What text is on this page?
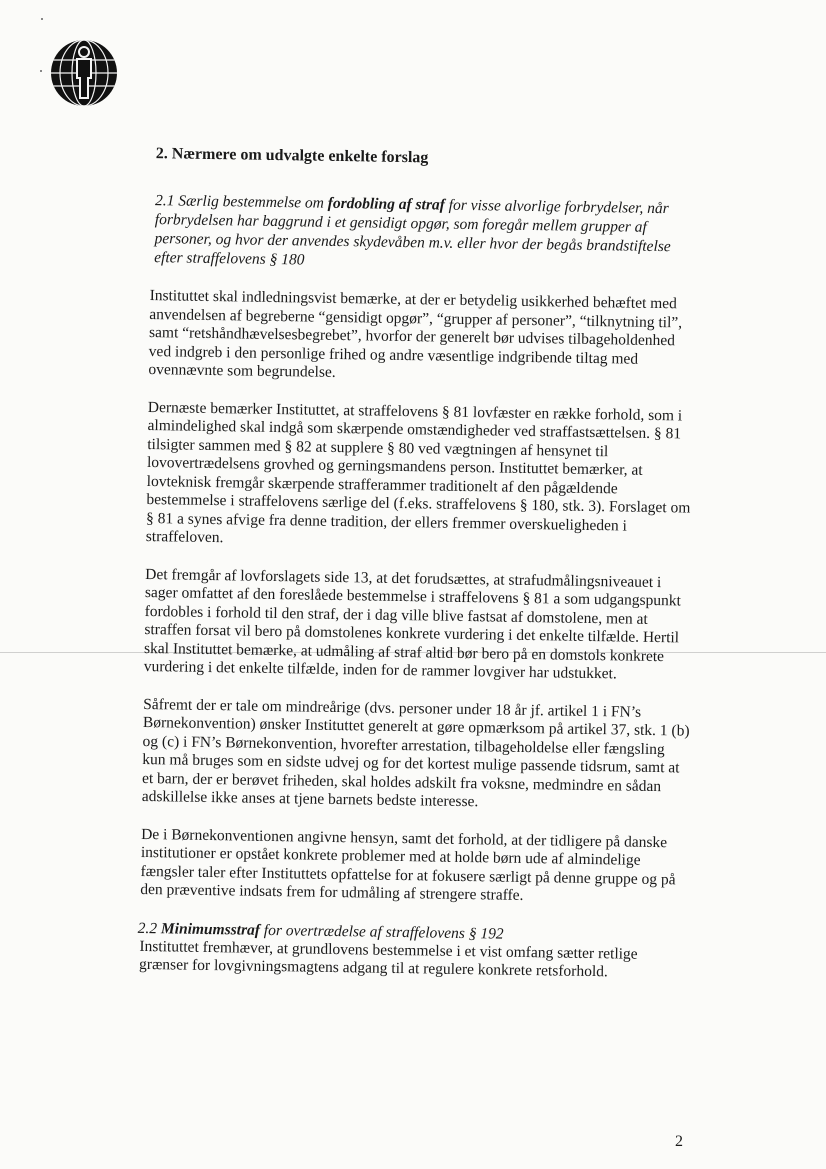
2. Nærmere om udvalgte enkelte forslag
2.1 Særlig bestemmelse om fordobling af straf for visse alvorlige forbrydelser, når forbrydelsen har baggrund i et gensidigt opgør, som foregår mellem grupper af personer, og hvor der anvendes skydevåben m.v. eller hvor der begås brandstiftelse efter straffelovens § 180

Instituttet skal indledningsvist bemærke, at der er betydelig usikkerhed behæftet med anvendelsen af begreberne “gensidigt opgør”, “grupper af personer”, “tilknytning til”, samt “retshåndhævelsesbegrebet”, hvorfor der generelt bør udvises tilbageholdenhed ved indgreb i den personlige frihed og andre væsentlige indgribende tiltag med ovennævnte som begrundelse.

Dernæste bemærker Instituttet, at straffelovens § 81 lovfæster en række forhold, som i almindelighed skal indgå som skærpende omstændigheder ved straffastsættelsen. § 81 tilsigter sammen med § 82 at supplere § 80 ved vægtningen af hensynet til lovovertrædelsens grovhed og gerningsmandens person. Instituttet bemærker, at lovteknisk fremgår skærpende strafferammer traditionelt af den pågældende bestemmelse i straffelovens særlige del (f.eks. straffelovens § 180, stk. 3). Forslaget om § 81 a synes afvige fra denne tradition, der ellers fremmer overskueligheden i straffeloven.

Det fremgår af lovforslagets side 13, at det forudsættes, at strafudmålingsniveauet i sager omfattet af den foreslåede bestemmelse i straffelovens § 81 a som udgangspunkt fordobles i forhold til den straf, der i dag ville blive fastsat af domstolene, men at straffen forsat vil bero på domstolenes konkrete vurdering i det enkelte tilfælde. Hertil skal Instituttet bemærke, at udmåling af straf altid bør bero på en domstols konkrete vurdering i det enkelte tilfælde, inden for de rammer lovgiver har udstukket.

Såfremt der er tale om mindreårige (dvs. personer under 18 år jf. artikel 1 i FN’s Børnekonvention) ønsker Instituttet generelt at gøre opmærksom på artikel 37, stk. 1 (b) og (c) i FN’s Børnekonvention, hvorefter arrestation, tilbageholdelse eller fængsling kun må bruges som en sidste udvej og for det kortest mulige passende tidsrum, samt at et barn, der er berøvet friheden, skal holdes adskilt fra voksne, medmindre en sådan adskillelse ikke anses at tjene barnets bedste interesse.

De i Børnekonventionen angivne hensyn, samt det forhold, at der tidligere på danske institutioner er opstået konkrete problemer med at holde børn ude af almindelige fængsler taler efter Instituttets opfattelse for at fokusere særligt på denne gruppe og på den præventive indsats frem for udmåling af strengere straffe.

2.2 Minimumsstraf for overtrædelse af straffelovens § 192

Instituttet fremhæver, at grundlovens bestemmelse i et vist omfang sætter retlige grænser for lovgivningsmagtens adgang til at regulere konkrete retsforhold.

2
